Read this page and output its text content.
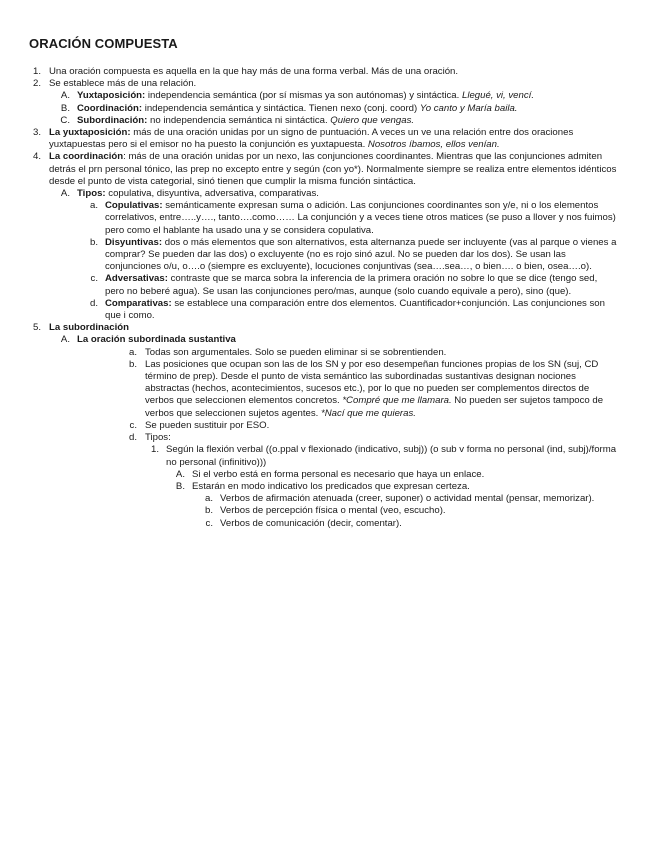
ORACIÓN COMPUESTA
1. Una oración compuesta es aquella en la que hay más de una forma verbal. Más de una oración.
2. Se establece más de una relación.
A. Yuxtaposición: independencia semántica (por sí mismas ya son autónomas) y sintáctica. Llegué, vi, vencí.
B. Coordinación: independencia semántica y sintáctica. Tienen nexo (conj. coord) Yo canto y María baila.
C. Subordinación: no independencia semántica ni sintáctica. Quiero que vengas.
3. La yuxtaposición: más de una oración unidas por un signo de puntuación. A veces un ve una relación entre dos oraciones yuxtapuestas pero si el emisor no ha puesto la conjunción es yuxtapuesta. Nosotros íbamos, ellos venían.
4. La coordinación: más de una oración unidas por un nexo, las conjunciones coordinantes. Mientras que las conjunciones admiten detrás el prn personal tónico, las prep no excepto entre y según (con yo*). Normalmente siempre se realiza entre elementos idénticos desde el punto de vista categorial, sinó tienen que cumplir la misma función sintáctica.
A. Tipos: copulativa, disyuntiva, adversativa, comparativas.
a. Copulativas: semánticamente expresan suma o adición. Las conjunciones coordinantes son y/e, ni o los elementos correlativos, entre…..y…., tanto….como…… La conjunción y a veces tiene otros matices (se puso a llover y nos fuimos) pero como el hablante ha usado una y se considera copulativa.
b. Disyuntivas: dos o más elementos que son alternativos, esta alternanza puede ser incluyente (vas al parque o vienes a comprar? Se pueden dar las dos) o excluyente (no es rojo sinó azul. No se pueden dar los dos). Se usan las conjunciones o/u, o….o (siempre es excluyente), locuciones conjuntivas (sea….sea…, o bien…. o bien, osea….o).
c. Adversativas: contraste que se marca sobra la inferencia de la primera oración no sobre lo que se dice (tengo sed, pero no beberé agua). Se usan las conjunciones pero/mas, aunque (solo cuando equivale a pero), sino (que).
d. Comparativas: se establece una comparación entre dos elementos. Cuantificador+conjunción. Las conjunciones son que i como.
5. La subordinación
A. La oración subordinada sustantiva
a. Todas son argumentales. Solo se pueden eliminar si se sobrentienden.
b. Las posiciones que ocupan son las de los SN y por eso desempeñan funciones propias de los SN (suj, CD término de prep). Desde el punto de vista semántico las subordinadas sustantivas designan nociones abstractas (hechos, acontecimientos, sucesos etc.), por lo que no pueden ser complementos directos de verbos que seleccionen elementos concretos. *Compré que me llamara. No pueden ser sujetos tampoco de verbos que seleccionen sujetos agentes. *Nací que me quieras.
c. Se pueden sustituir por ESO.
d. Tipos:
1. Según la flexión verbal ((o.ppal v flexionado (indicativo, subj)) (o sub v forma no personal (ind, subj)/forma no personal (infinitivo)))
A. Si el verbo está en forma personal es necesario que haya un enlace.
B. Estarán en modo indicativo los predicados que expresan certeza.
a. Verbos de afirmación atenuada (creer, suponer) o actividad mental (pensar, memorizar).
b. Verbos de percepción física o mental (veo, escucho).
c. Verbos de comunicación (decir, comentar).
